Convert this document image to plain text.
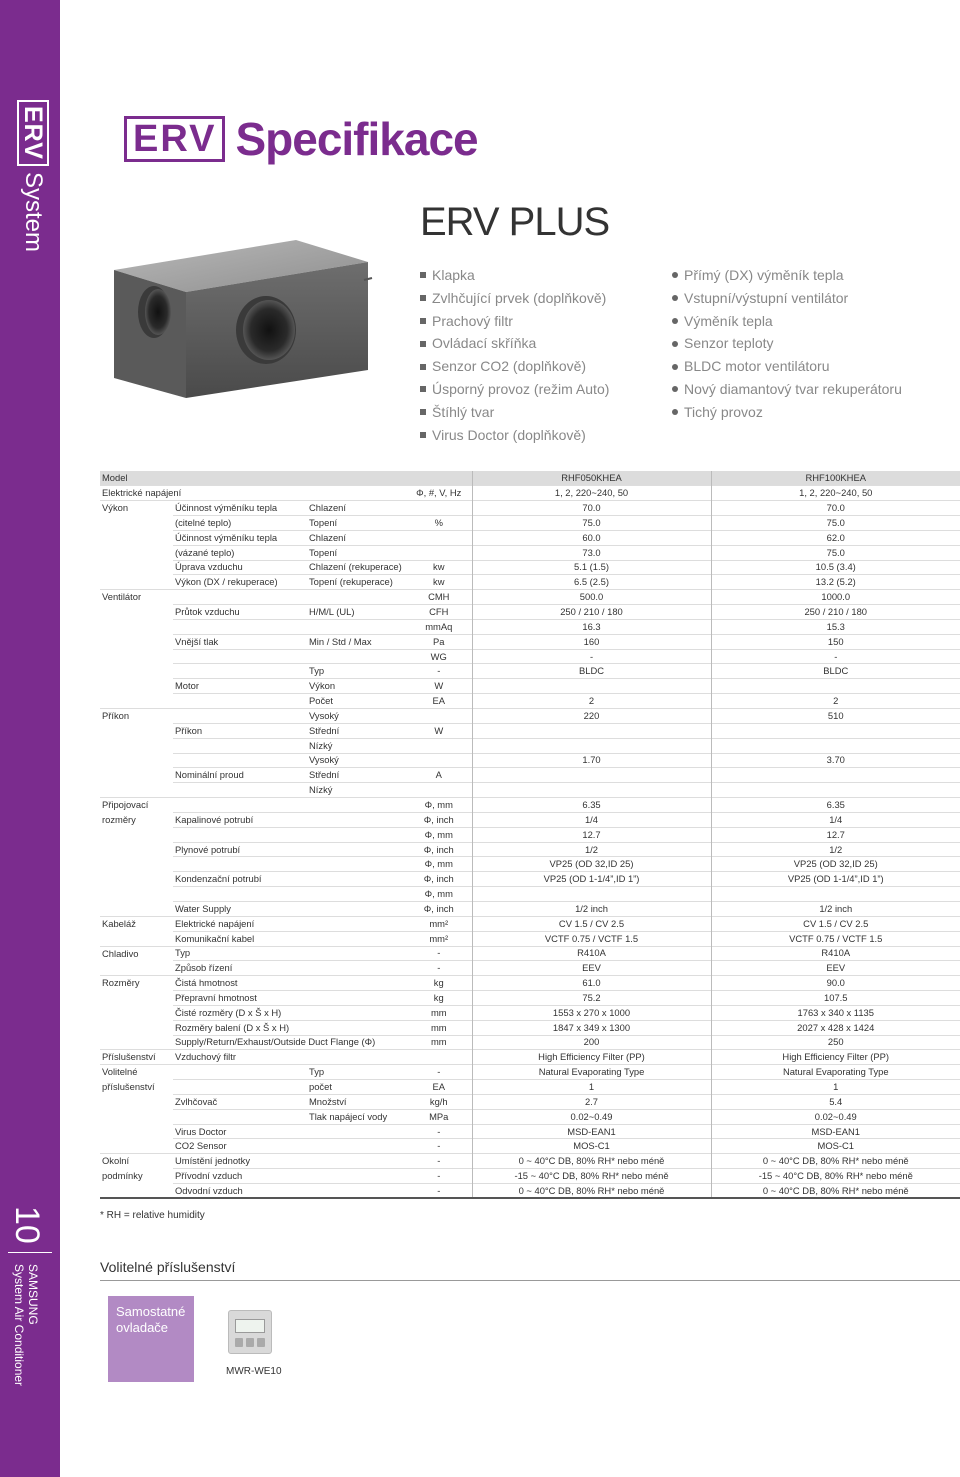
ERV
System
10
SAMSUNG
System Air Conditioner
ERV Specifikace
ERV PLUS
Klapka
Zvlhčující prvek (doplňkově)
Prachový filtr
Ovládací skříňka
Senzor CO2 (doplňkově)
Úsporný provoz (režim Auto)
Štíhlý tvar
Virus Doctor (doplňkově)
Přímý (DX) výměník tepla
Vstupní/výstupní ventilátor
Výměník tepla
Senzor teploty
BLDC motor ventilátoru
Nový diamantový tvar rekuperátoru
Tichý provoz
Model				RHF050KHEA	RHF100KHEA
Elektrické napájení			Φ, #, V, Hz	1, 2, 220~240, 50	1, 2, 220~240, 50
Výkon	Účinnost výměníku tepla	Chlazení		70.0	70.0
	(citelné teplo)	Topení	%	75.0	75.0
	Účinnost výměníku tepla	Chlazení		60.0	62.0
	(vázané teplo)	Topení		73.0	75.0
	Úprava vzduchu	Chlazení (rekuperace)	kw	5.1 (1.5)	10.5 (3.4)
	Výkon (DX / rekuperace)	Topení (rekuperace)	kw	6.5 (2.5)	13.2 (5.2)
Ventilátor			CMH	500.0	1000.0
	Průtok vzduchu	H/M/L (UL)	CFH	250 / 210 / 180	250 / 210 / 180
			mmAq	16.3	15.3
	Vnější tlak	Min / Std / Max	Pa	160	150
			WG	-	-
		Typ	-	BLDC	BLDC
	Motor	Výkon	W		
		Počet	EA	2	2
Příkon		Vysoký		220	510
	Příkon	Střední	W		
		Nízký			
		Vysoký		1.70	3.70
	Nominální proud	Střední	A		
		Nízký			
Připojovací			Φ, mm	6.35	6.35
rozměry	Kapalinové potrubí		Φ, inch	1/4	1/4
			Φ, mm	12.7	12.7
	Plynové potrubí		Φ, inch	1/2	1/2
			Φ, mm	VP25 (OD 32,ID 25)	VP25 (OD 32,ID 25)
	Kondenzační potrubí		Φ, inch	VP25 (OD 1-1/4”,ID 1”)	VP25 (OD 1-1/4”,ID 1”)
			Φ, mm		
	Water Supply		Φ, inch	1/2 inch	1/2 inch
Kabeláž	Elektrické napájení		mm²	CV 1.5 / CV 2.5	CV 1.5 / CV 2.5
	Komunikační kabel		mm²	VCTF 0.75 / VCTF 1.5	VCTF 0.75 / VCTF 1.5
Chladivo	Typ		-	R410A	R410A
	Způsob řízení		-	EEV	EEV
Rozměry	Čistá hmotnost		kg	61.0	90.0
	Přepravní hmotnost		kg	75.2	107.5
	Čisté rozměry (D x Š x H)		mm	1553 x 270 x 1000	1763 x 340 x 1135
	Rozměry balení (D x Š x H)		mm	1847 x 349 x 1300	2027 x 428 x 1424
	Supply/Return/Exhaust/Outside Duct Flange (Φ)		mm	200	250
Příslušenství	Vzduchový filtr			High Efficiency Filter (PP)	High Efficiency Filter (PP)
Volitelné		Typ	-	Natural Evaporating Type	Natural Evaporating Type
příslušenství		počet	EA	1	1
	Zvlhčovač	Množství	kg/h	2.7	5.4
		Tlak napájecí vody	MPa	0.02~0.49	0.02~0.49
	Virus Doctor		-	MSD-EAN1	MSD-EAN1
	CO2 Sensor		-	MOS-C1	MOS-C1
Okolní	Umístění jednotky		-	0 ~ 40°C DB, 80% RH* nebo méně	0 ~ 40°C DB, 80% RH* nebo méně
podmínky	Přívodní vzduch		-	-15 ~ 40°C DB, 80% RH* nebo méně	-15 ~ 40°C DB, 80% RH* nebo méně
	Odvodní vzduch		-	0 ~ 40°C DB, 80% RH* nebo méně	0 ~ 40°C DB, 80% RH* nebo méně
* RH = relative humidity
Volitelné příslušenství
Samostatné ovladače
MWR-WE10
